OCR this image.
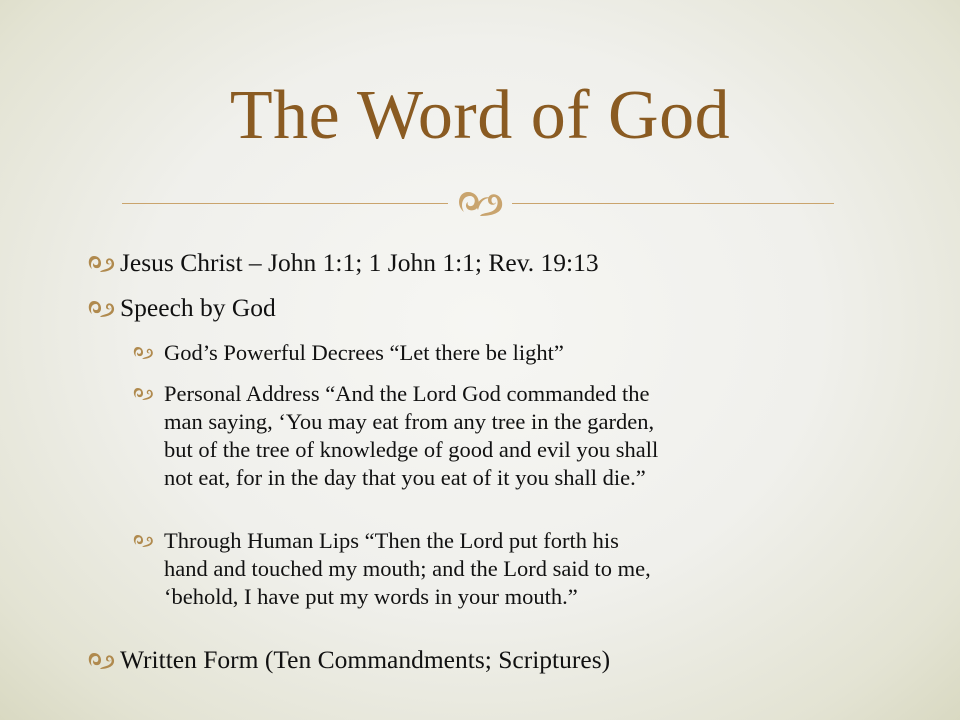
The Word of God
Jesus Christ – John 1:1; 1 John 1:1; Rev. 19:13
Speech by God
God’s Powerful Decrees “Let there be light”
Personal Address “And the Lord God commanded the
man saying, ‘You may eat from any tree in the garden,
but of the tree of knowledge of good and evil you shall
not eat, for in the day that you eat of it you shall die.”
Through Human Lips “Then the Lord put forth his
hand and touched my mouth; and the Lord said to me,
‘behold, I have put my words in your mouth.”
Written Form (Ten Commandments; Scriptures)
